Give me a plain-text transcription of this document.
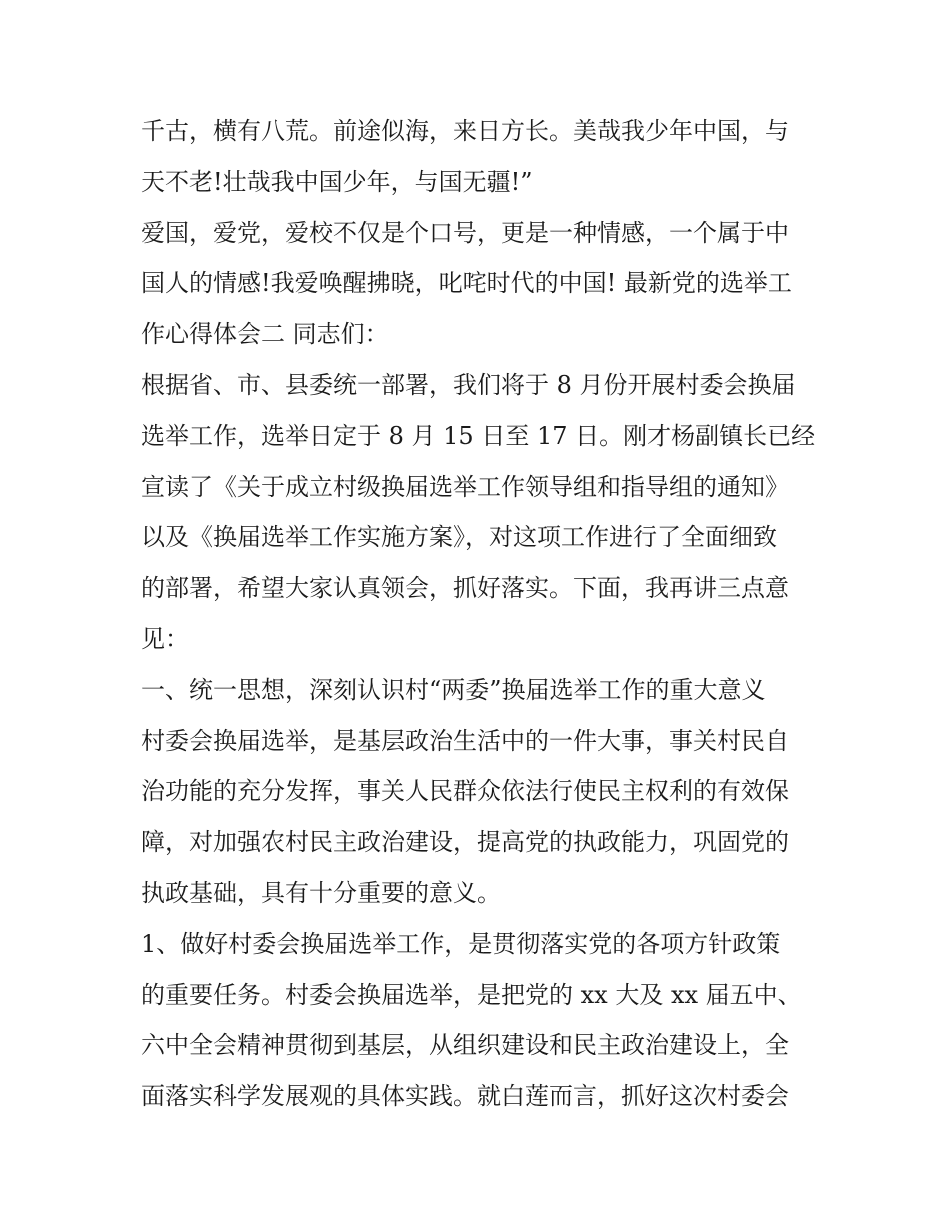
千古，横有八荒。前途似海，来日方长。美哉我少年中国，与
天不老!壮哉我中国少年，与国无疆!”
爱国，爱党，爱校不仅是个口号，更是一种情感，一个属于中
国人的情感!我爱唤醒拂晓，叱咤时代的中国! 最新党的选举工
作心得体会二 同志们：
根据省、市、县委统一部署，我们将于 8 月份开展村委会换届
选举工作，选举日定于 8 月 15 日至 17 日。刚才杨副镇长已经
宣读了《关于成立村级换届选举工作领导组和指导组的通知》
以及《换届选举工作实施方案》，对这项工作进行了全面细致
的部署，希望大家认真领会，抓好落实。下面，我再讲三点意
见：
一、统一思想，深刻认识村“两委”换届选举工作的重大意义
村委会换届选举，是基层政治生活中的一件大事，事关村民自
治功能的充分发挥，事关人民群众依法行使民主权利的有效保
障，对加强农村民主政治建设，提高党的执政能力，巩固党的
执政基础，具有十分重要的意义。
1、做好村委会换届选举工作，是贯彻落实党的各项方针政策
的重要任务。村委会换届选举，是把党的 xx 大及 xx 届五中、
六中全会精神贯彻到基层，从组织建设和民主政治建设上，全
面落实科学发展观的具体实践。就白莲而言，抓好这次村委会
